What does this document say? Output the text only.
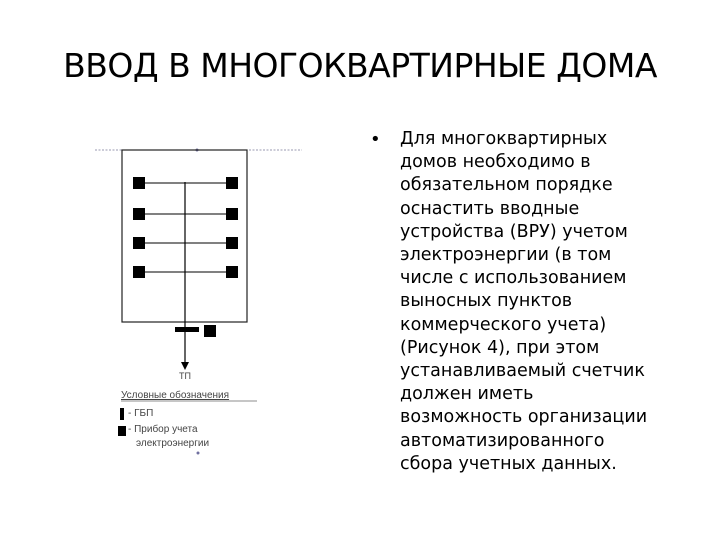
ВВОД В МНОГОКВАРТИРНЫЕ ДОМА
ТП
Условные обозначения
- ГБП
- Прибор учета
электроэнергии
• Для многоквартирных
домов необходимо в
обязательном порядке
оснастить вводные
устройства (ВРУ) учетом
электроэнергии (в том
числе с использованием
выносных пунктов
коммерческого учета)
(Рисунок 4), при этом
устанавливаемый счетчик
должен иметь
возможность организации
автоматизированного
сбора учетных данных.
